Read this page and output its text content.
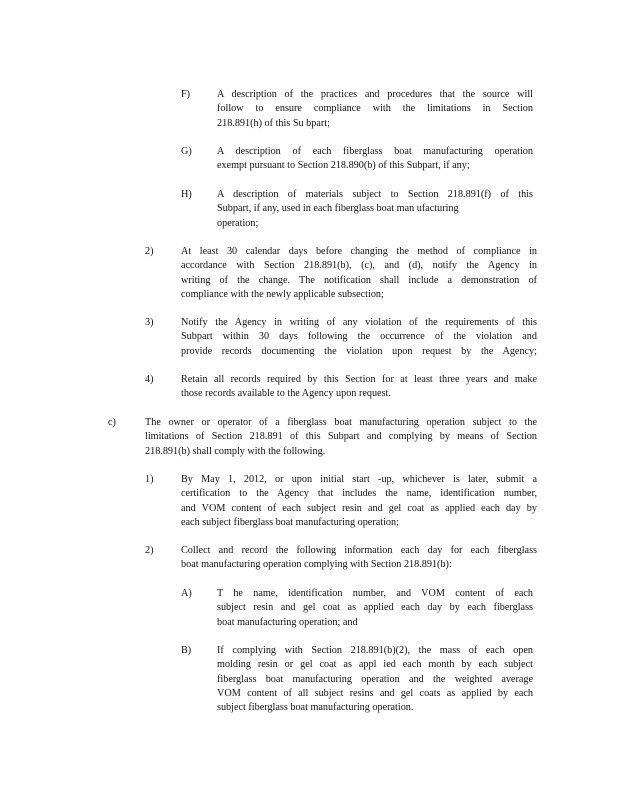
F)	A description of the practices and procedures that the source will
follow to ensure compliance with the limitations in Section
218.891(h) of this Su bpart;
G) A description of each fiberglass boat manufacturing operation
exempt pursuant to Section 218.890(b) of this Subpart, if any;
H) A description of materials subject to Section 218.891(f) of this
Subpart, if any, used in each fiberglass boat man ufacturing
operation;
2)	At least 30 calendar days before changing the method of compliance in
accordance with Section 218.891(b), (c), and (d), notify the Agency in
writing of the change. The notification shall include a demonstration of
compliance with the newly applicable subsection;
3)	Notify the Agency in writing of any violation of the requirements of this
Subpart within 30 days following the occurrence of the violation and
provide records documenting the violation upon request by the Agency;
4)	Retain all records required by this Section for at least three years and make
those records available to the Agency upon request.
c)	The owner or operator of a fiberglass boat manufacturing operation subject to the
limitations of Section 218.891 of this Subpart and complying by means of Section
218.891(b) shall comply with the following.
1)	By May 1, 2012, or upon initial start -up, whichever is later, submit a
certification to the Agency that includes the name, identification number,
and VOM content of each subject resin and gel coat as applied each day by
each subject fiberglass boat manufacturing operation;
2)	Collect and record the following information each day for each fiberglass
boat manufacturing operation complying with Section 218.891(b):
A) T he name, identification number, and VOM content of each
subject resin and gel coat as applied each day by each fiberglass
boat manufacturing operation; and
B)	If complying with Section 218.891(b)(2), the mass of each open
molding resin or gel coat as appl ied each month by each subject
fiberglass boat manufacturing operation and the weighted average
VOM content of all subject resins and gel coats as applied by each
subject fiberglass boat manufacturing operation.
